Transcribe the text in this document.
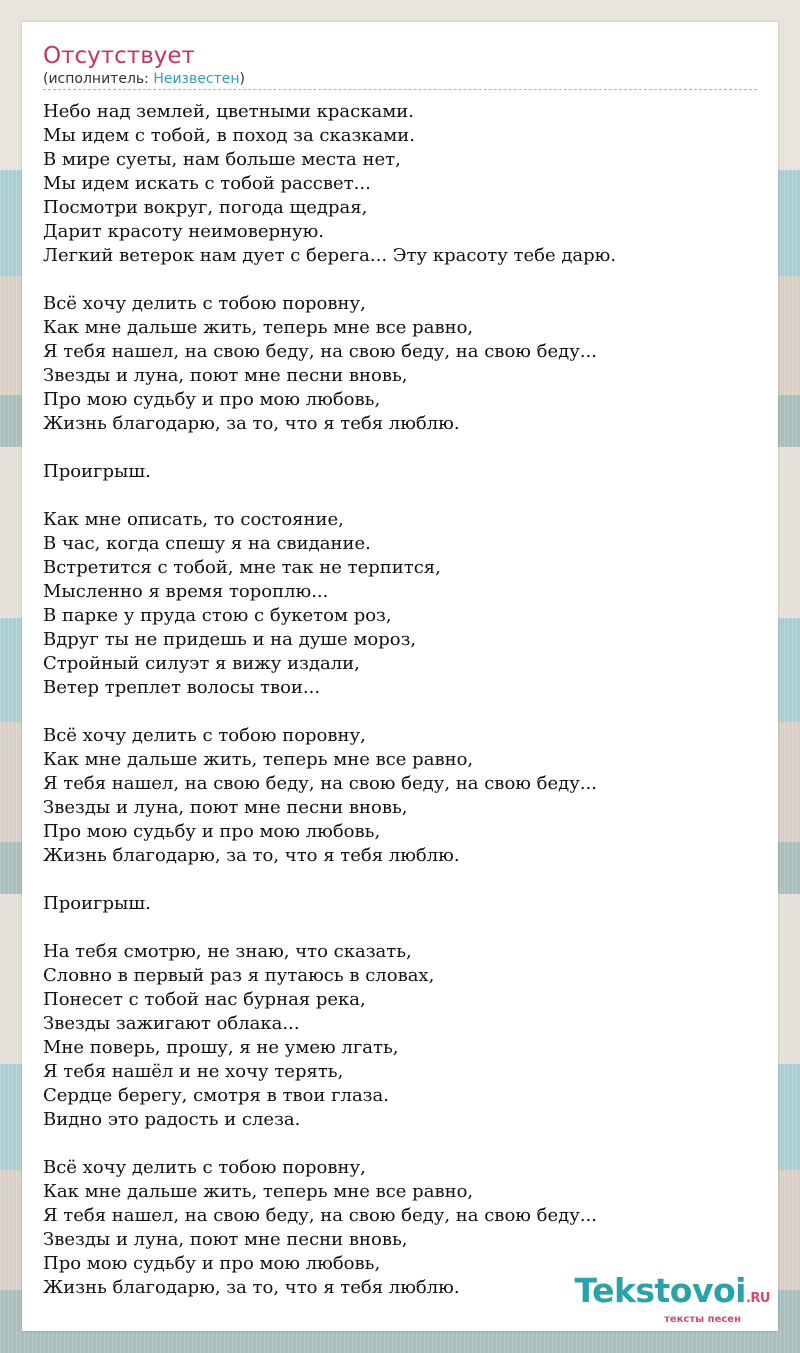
Отсутствует
(исполнитель: Неизвестен)
Небо над землей, цветными красками.
Мы идем с тобой, в поход за сказками.
В мире суеты, нам больше места нет,
Мы идем искать с тобой рассвет...
Посмотри вокруг, погода щедрая,
Дарит красоту неимоверную.
Легкий ветерок нам дует с берега... Эту красоту тебе дарю.
Всё хочу делить с тобою поровну,
Как мне дальше жить, теперь мне все равно,
Я тебя нашел, на свою беду, на свою беду, на свою беду...
Звезды и луна, поют мне песни вновь,
Про мою судьбу и про мою любовь,
Жизнь благодарю, за то, что я тебя люблю.
Проигрыш.
Как мне описать, то состояние,
В час, когда спешу я на свидание.
Встретится с тобой, мне так не терпится,
Мысленно я время тороплю...
В парке у пруда стою с букетом роз,
Вдруг ты не придешь и на душе мороз,
Стройный силуэт я вижу издали,
Ветер треплет волосы твои...
Всё хочу делить с тобою поровну,
Как мне дальше жить, теперь мне все равно,
Я тебя нашел, на свою беду, на свою беду, на свою беду...
Звезды и луна, поют мне песни вновь,
Про мою судьбу и про мою любовь,
Жизнь благодарю, за то, что я тебя люблю.
Проигрыш.
На тебя смотрю, не знаю, что сказать,
Словно в первый раз я путаюсь в словах,
Понесет с тобой нас бурная река,
Звезды зажигают облака...
Мне поверь, прошу, я не умею лгать,
Я тебя нашёл и не хочу терять,
Сердце берегу, смотря в твои глаза.
Видно это радость и слеза.
Всё хочу делить с тобою поровну,
Как мне дальше жить, теперь мне все равно,
Я тебя нашел, на свою беду, на свою беду, на свою беду...
Звезды и луна, поют мне песни вновь,
Про мою судьбу и про мою любовь,
Жизнь благодарю, за то, что я тебя люблю.	Tekstovoi.RU
тексты песен
